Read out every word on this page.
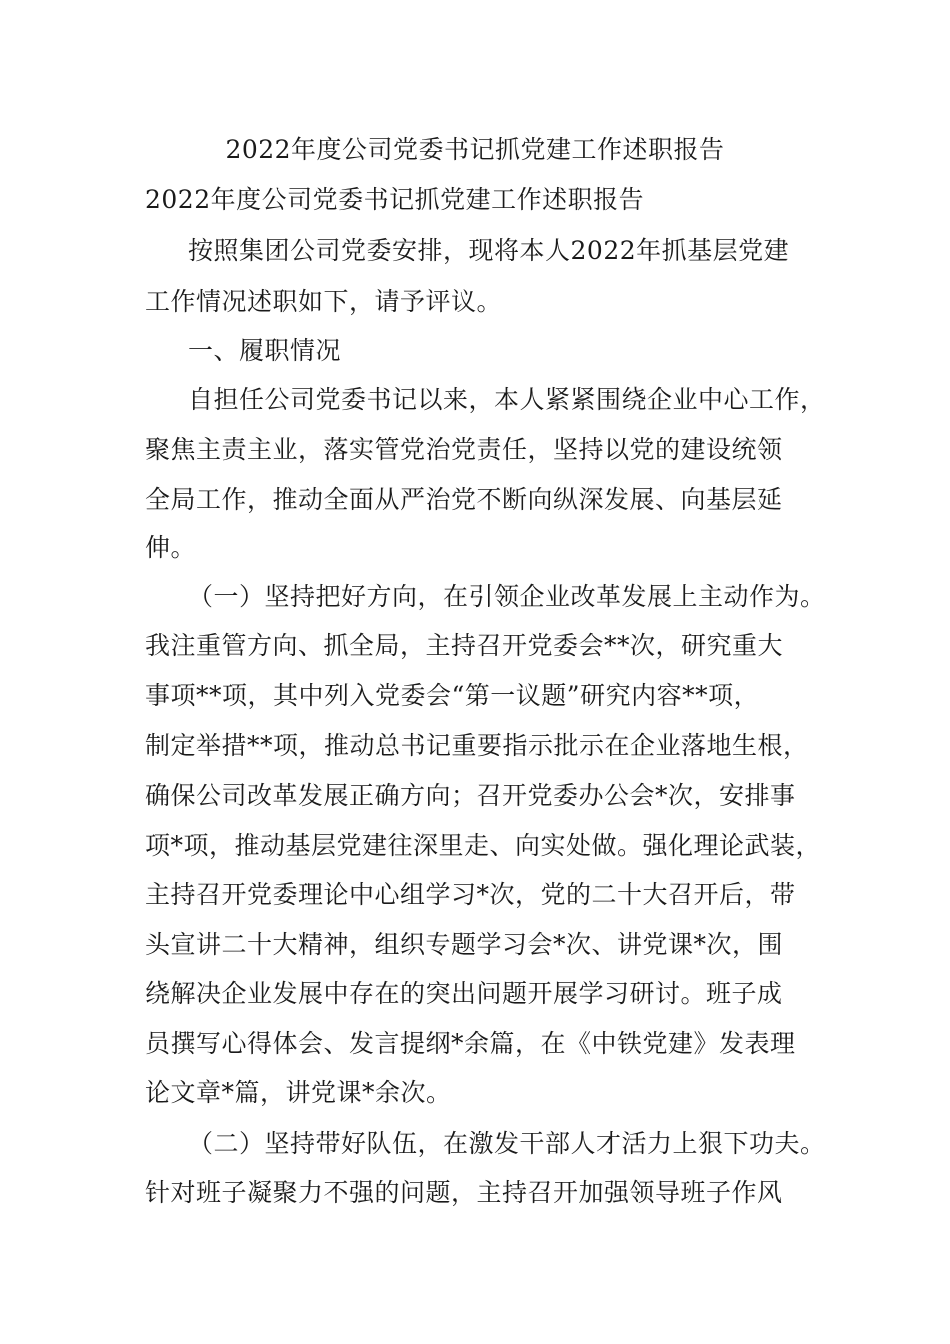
2022年度公司党委书记抓党建工作述职报告
2022年度公司党委书记抓党建工作述职报告
按照集团公司党委安排，现将本人2022年抓基层党建
工作情况述职如下，请予评议。
一、履职情况
自担任公司党委书记以来，本人紧紧围绕企业中心工作，
聚焦主责主业，落实管党治党责任，坚持以党的建设统领
全局工作，推动全面从严治党不断向纵深发展、向基层延
伸。
（一）坚持把好方向，在引领企业改革发展上主动作为。
我注重管方向、抓全局，主持召开党委会**次，研究重大
事项**项，其中列入党委会“第一议题”研究内容**项，
制定举措**项，推动总书记重要指示批示在企业落地生根，
确保公司改革发展正确方向；召开党委办公会*次，安排事
项*项，推动基层党建往深里走、向实处做。强化理论武装，
主持召开党委理论中心组学习*次，党的二十大召开后，带
头宣讲二十大精神，组织专题学习会*次、讲党课*次，围
绕解决企业发展中存在的突出问题开展学习研讨。班子成
员撰写心得体会、发言提纲*余篇，在《中铁党建》发表理
论文章*篇，讲党课*余次。
（二）坚持带好队伍，在激发干部人才活力上狠下功夫。
针对班子凝聚力不强的问题，主持召开加强领导班子作风
